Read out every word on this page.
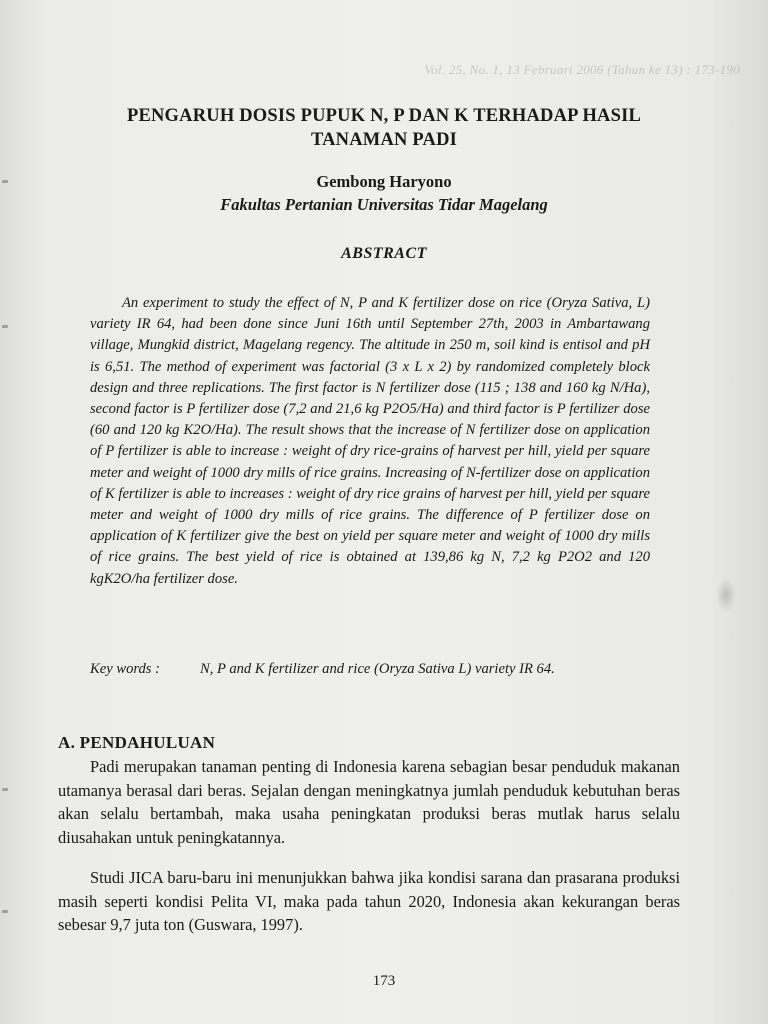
Vol. 25, No. 1, 13 Februari 2006 (Tahun ke 13) : 173-190
PENGARUH DOSIS PUPUK N, P DAN K TERHADAP HASIL
TANAMAN PADI
Gembong Haryono
Fakultas Pertanian Universitas Tidar Magelang
ABSTRACT
An experiment to study the effect of N, P and K fertilizer dose on rice (Oryza Sativa, L) variety IR 64, had been done since Juni 16th until September 27th, 2003 in Ambartawang village, Mungkid district, Magelang regency. The altitude in 250 m, soil kind is entisol and pH is 6,51. The method of experiment was factorial (3 x L x 2) by randomized completely block design and three replications. The first factor is N fertilizer dose (115 ; 138 and 160 kg N/Ha), second factor is P fertilizer dose (7,2 and 21,6 kg P2O5/Ha) and third factor is P fertilizer dose (60 and 120 kg K2O/Ha). The result shows that the increase of N fertilizer dose on application of P fertilizer is able to increase : weight of dry rice-grains of harvest per hill, yield per square meter and weight of 1000 dry mills of rice grains. Increasing of N-fertilizer dose on application of K fertilizer is able to increases : weight of dry rice grains of harvest per hill, yield per square meter and weight of 1000 dry mills of rice grains. The difference of P fertilizer dose on application of K fertilizer give the best on yield per square meter and weight of 1000 dry mills of rice grains. The best yield of rice is obtained at 139,86 kg N, 7,2 kg P2O2 and 120 kgK2O/ha fertilizer dose.
Key words :	N, P and K fertilizer and rice (Oryza Sativa L) variety IR 64.
A. PENDAHULUAN
Padi merupakan tanaman penting di Indonesia karena sebagian besar penduduk makanan utamanya berasal dari beras. Sejalan dengan meningkatnya jumlah penduduk kebutuhan beras akan selalu bertambah, maka usaha peningkatan produksi beras mutlak harus selalu diusahakan untuk peningkatannya.
Studi JICA baru-baru ini menunjukkan bahwa jika kondisi sarana dan prasarana produksi masih seperti kondisi Pelita VI, maka pada tahun 2020, Indonesia akan kekurangan beras sebesar 9,7 juta ton (Guswara, 1997).
173
